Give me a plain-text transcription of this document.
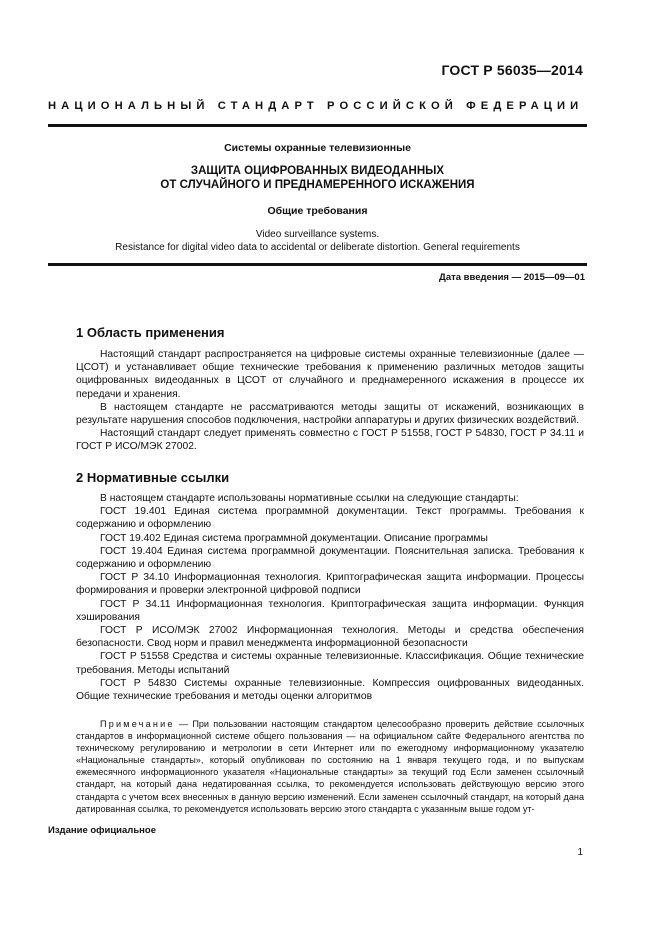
ГОСТ Р 56035—2014
НАЦИОНАЛЬНЫЙ СТАНДАРТ РОССИЙСКОЙ ФЕДЕРАЦИИ
Системы охранные телевизионные
ЗАЩИТА ОЦИФРОВАННЫХ ВИДЕОДАННЫХ
ОТ СЛУЧАЙНОГО И ПРЕДНАМЕРЕННОГО ИСКАЖЕНИЯ
Общие требования
Video surveillance systems.
Resistance for digital video data to accidental or deliberate distortion. General requirements
Дата введения — 2015—09—01
1 Область применения

Настоящий стандарт распространяется на цифровые системы охранные телевизионные (далее — ЦСОТ) и устанавливает общие технические требования к применению различных методов защиты оцифрованных видеоданных в ЦСОТ от случайного и преднамеренного искажения в процессе их передачи и хранения.

В настоящем стандарте не рассматриваются методы защиты от искажений, возникающих в результате нарушения способов подключения, настройки аппаратуры и других физических воздействий.

Настоящий стандарт следует применять совместно с ГОСТ Р 51558, ГОСТ Р 54830, ГОСТ Р 34.11 и ГОСТ Р ИСО/МЭК 27002.

2 Нормативные ссылки

В настоящем стандарте использованы нормативные ссылки на следующие стандарты:

ГОСТ 19.401 Единая система программной документации. Текст программы. Требования к содержанию и оформлению

ГОСТ 19.402 Единая система программной документации. Описание программы

ГОСТ 19.404 Единая система программной документации. Пояснительная записка. Требования к содержанию и оформлению

ГОСТ Р 34.10 Информационная технология. Криптографическая защита информации. Процессы формирования и проверки электронной цифровой подписи

ГОСТ Р 34.11 Информационная технология. Криптографическая защита информации. Функция хэширования

ГОСТ Р ИСО/МЭК 27002 Информационная технология. Методы и средства обеспечения безопасности. Свод норм и правил менеджмента информационной безопасности

ГОСТ Р 51558 Средства и системы охранные телевизионные. Классификация. Общие технические требования. Методы испытаний

ГОСТ Р 54830 Системы охранные телевизионные. Компрессия оцифрованных видеоданных. Общие технические требования и методы оценки алгоритмов

Примечание — При пользовании настоящим стандартом целесообразно проверить действие ссылочных стандартов в информационной системе общего пользования — на официальном сайте Федерального агентства по техническому регулированию и метрологии в сети Интернет или по ежегодному информационному указателю «Национальные стандарты», который опубликован по состоянию на 1 января текущего года, и по выпускам ежемесячного информационного указателя «Национальные стандарты» за текущий год Если заменен ссылочный стандарт, на который дана недатированная ссылка, то рекомендуется использовать действующую версию этого стандарта с учетом всех внесенных в данную версию изменений. Если заменен ссылочный стандарт, на который дана датированная ссылка, то рекомендуется использовать версию этого стандарта с указанным выше годом ут-

Издание официальное
1
